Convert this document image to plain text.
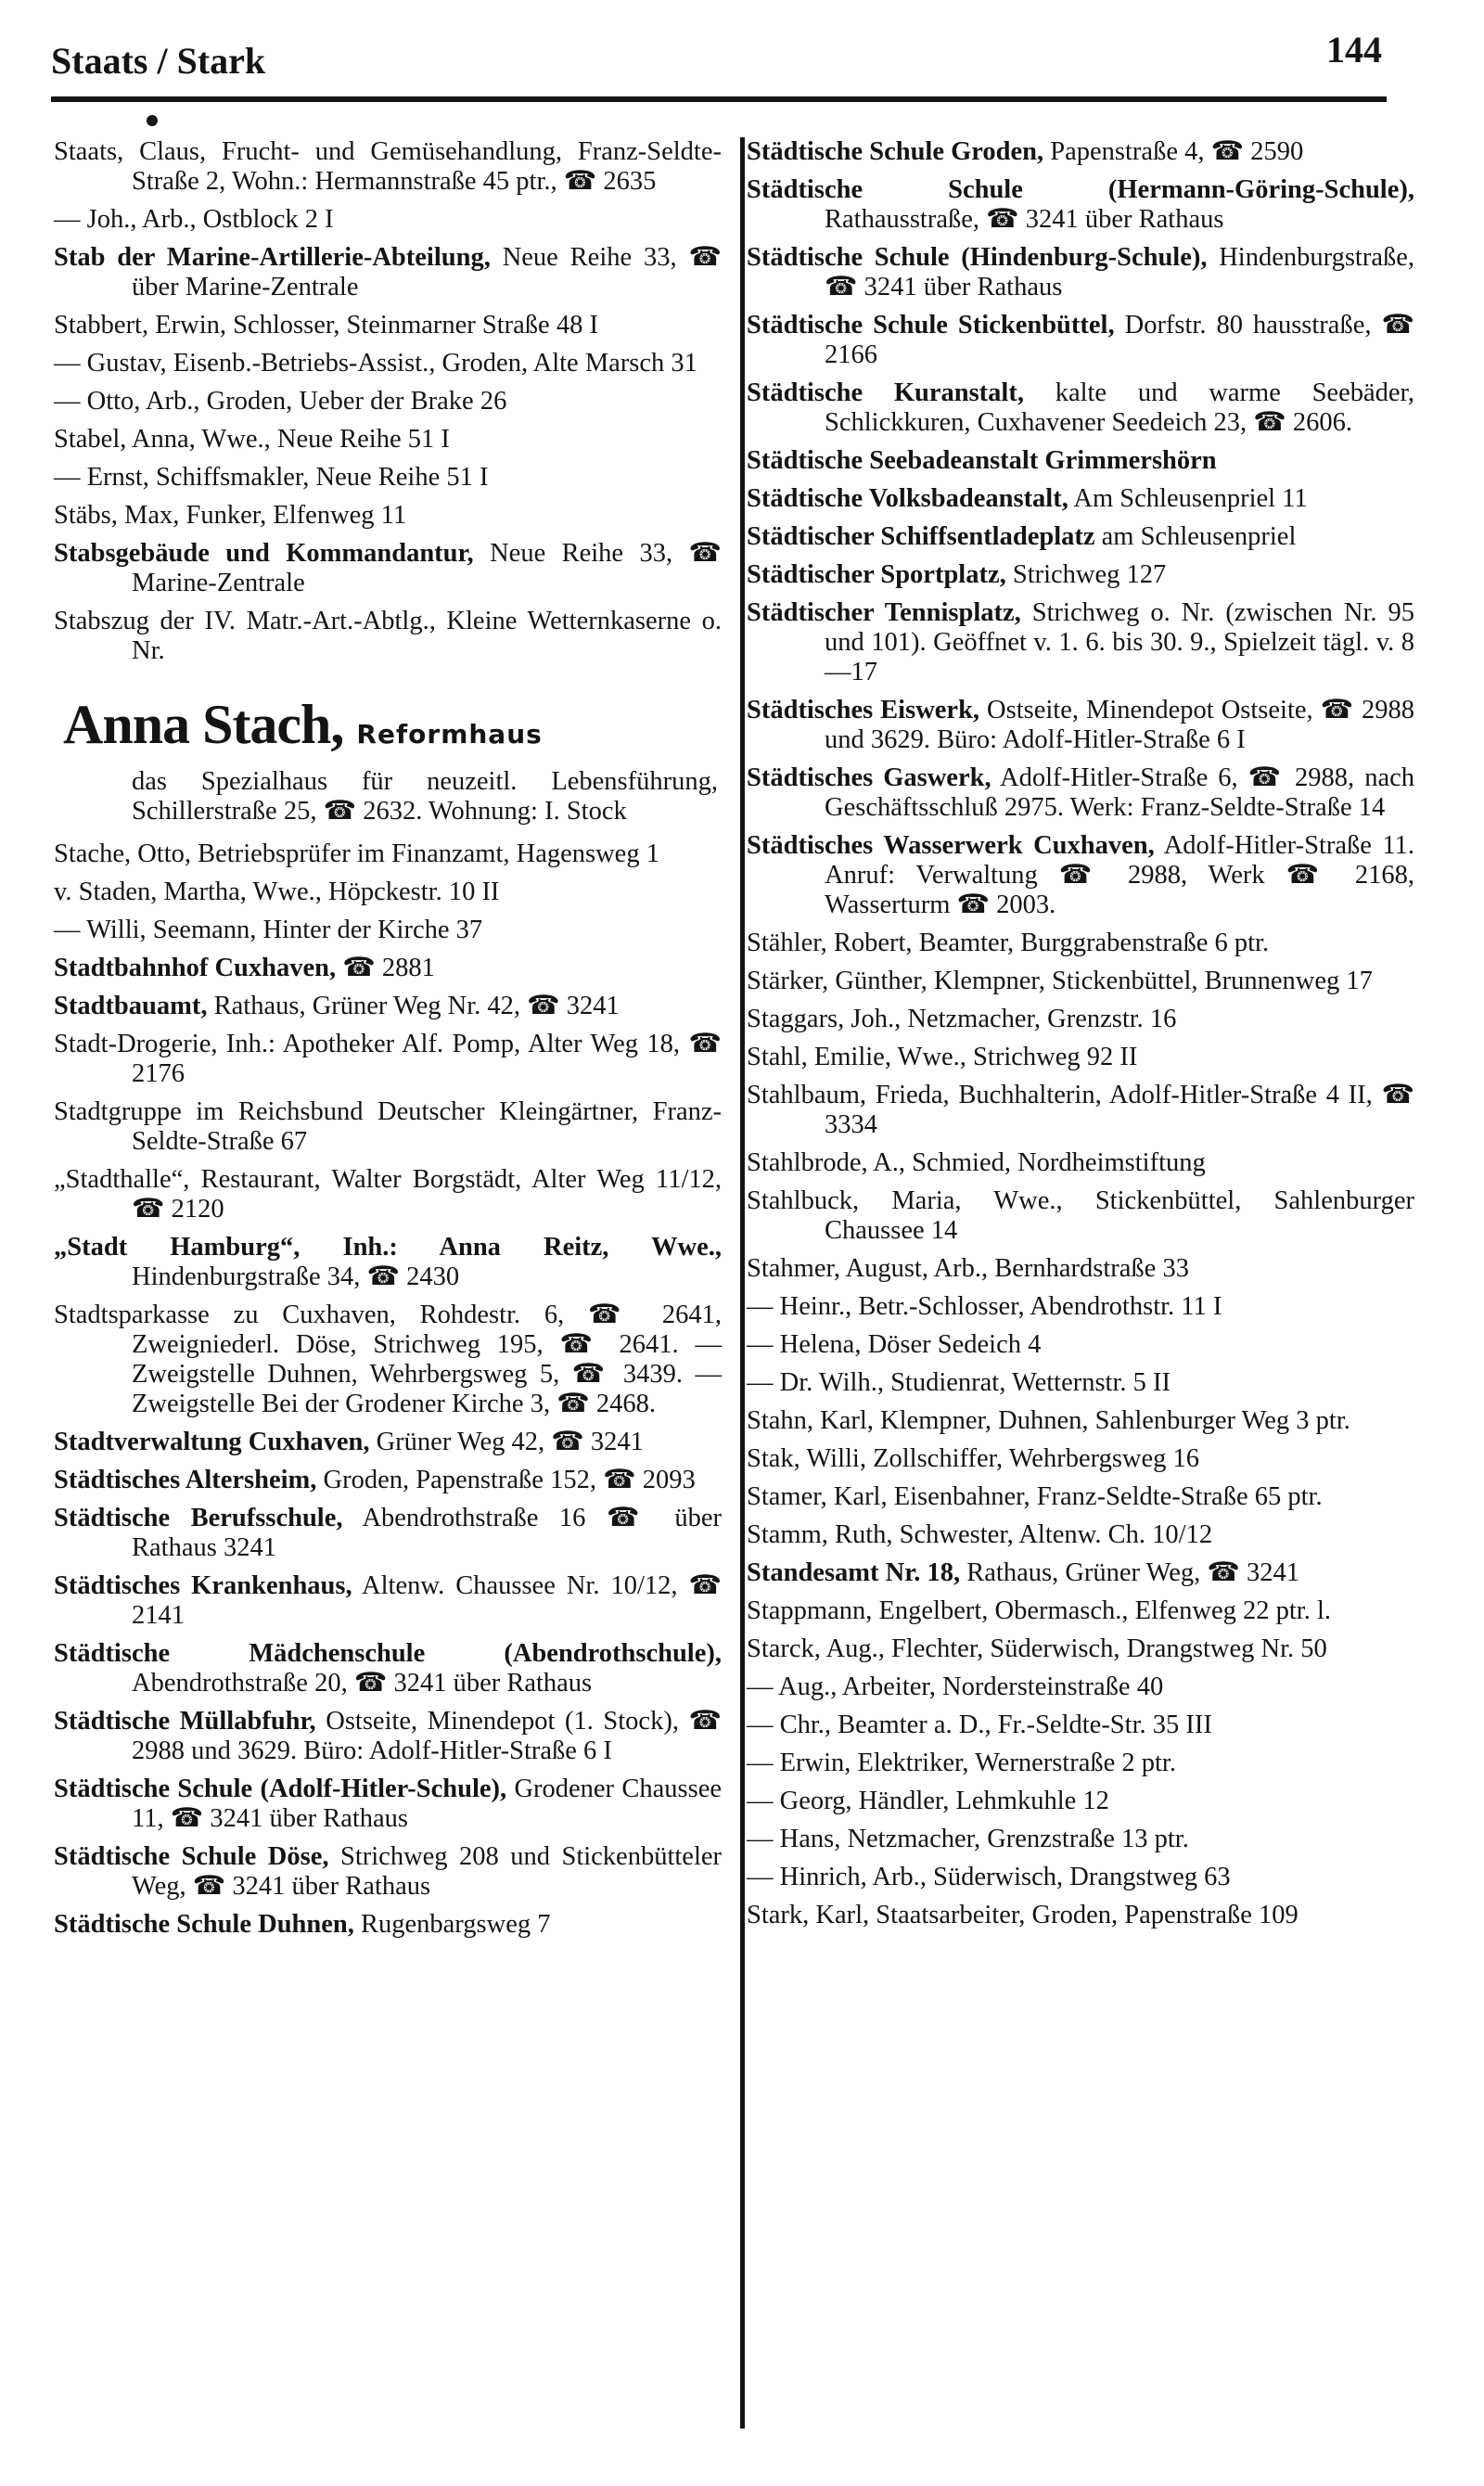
Staats / Stark	144

Staats, Claus, Frucht- und Gemüsehandlung, Franz-Seldte-Straße 2, Wohn.: Hermannstraße 45 ptr., ☎ 2635

— Joh., Arb., Ostblock 2 I

Stab der Marine-Artillerie-Abteilung, Neue Reihe 33, ☎ über Marine-Zentrale

Stabbert, Erwin, Schlosser, Steinmarner Straße 48 I

— Gustav, Eisenb.-Betriebs-Assist., Groden, Alte Marsch 31

— Otto, Arb., Groden, Ueber der Brake 26

Stabel, Anna, Wwe., Neue Reihe 51 I

— Ernst, Schiffsmakler, Neue Reihe 51 I

Stäbs, Max, Funker, Elfenweg 11

Stabsgebäude und Kommandantur, Neue Reihe 33, ☎ Marine-Zentrale

Stabszug der IV. Matr.-Art.-Abtlg., Kleine Wetternkaserne o. Nr.

Anna Stach, Reformhaus
das Spezialhaus für neuzeitl. Lebensführung, Schillerstraße 25, ☎ 2632. Wohnung: I. Stock

Stache, Otto, Betriebsprüfer im Finanzamt, Hagensweg 1

v. Staden, Martha, Wwe., Höpckestr. 10 II

— Willi, Seemann, Hinter der Kirche 37

Stadtbahnhof Cuxhaven, ☎ 2881

Stadtbauamt, Rathaus, Grüner Weg Nr. 42, ☎ 3241

Stadt-Drogerie, Inh.: Apotheker Alf. Pomp, Alter Weg 18, ☎ 2176

Stadtgruppe im Reichsbund Deutscher Kleingärtner, Franz-Seldte-Straße 67

„Stadthalle“, Restaurant, Walter Borgstädt, Alter Weg 11/12, ☎ 2120

„Stadt Hamburg“, Inh.: Anna Reitz, Wwe., Hindenburgstraße 34, ☎ 2430

Stadtsparkasse zu Cuxhaven, Rohdestr. 6, ☎ 2641, Zweigniederl. Döse, Strichweg 195, ☎ 2641. — Zweigstelle Duhnen, Wehrbergsweg 5, ☎ 3439. — Zweigstelle Bei der Grodener Kirche 3, ☎ 2468.

Stadtverwaltung Cuxhaven, Grüner Weg 42, ☎ 3241

Städtisches Altersheim, Groden, Papenstraße 152, ☎ 2093

Städtische Berufsschule, Abendrothstraße 16 ☎ über Rathaus 3241

Städtisches Krankenhaus, Altenw. Chaussee Nr. 10/12, ☎ 2141

Städtische Mädchenschule (Abendrothschule), Abendrothstraße 20, ☎ 3241 über Rathaus

Städtische Müllabfuhr, Ostseite, Minendepot (1. Stock), ☎ 2988 und 3629. Büro: Adolf-Hitler-Straße 6 I

Städtische Schule (Adolf-Hitler-Schule), Grodener Chaussee 11, ☎ 3241 über Rathaus

Städtische Schule Döse, Strichweg 208 und Stickenbütteler Weg, ☎ 3241 über Rathaus

Städtische Schule Duhnen, Rugenbargsweg 7

Städtische Schule Groden, Papenstraße 4, ☎ 2590

Städtische Schule (Hermann-Göring-Schule), Rathausstraße, ☎ 3241 über Rathaus

Städtische Schule (Hindenburg-Schule), Hindenburgstraße, ☎ 3241 über Rathaus

Städtische Schule Stickenbüttel, Dorfstr. 80 hausstraße, ☎ 2166

Städtische Kuranstalt, kalte und warme Seebäder, Schlickkuren, Cuxhavener Seedeich 23, ☎ 2606.

Städtische Seebadeanstalt Grimmershörn

Städtische Volksbadeanstalt, Am Schleusenpriel 11

Städtischer Schiffsentladeplatz am Schleusenpriel

Städtischer Sportplatz, Strichweg 127

Städtischer Tennisplatz, Strichweg o. Nr. (zwischen Nr. 95 und 101). Geöffnet v. 1. 6. bis 30. 9., Spielzeit tägl. v. 8—17

Städtisches Eiswerk, Ostseite, Minendepot Ostseite, ☎ 2988 und 3629. Büro: Adolf-Hitler-Straße 6 I

Städtisches Gaswerk, Adolf-Hitler-Straße 6, ☎ 2988, nach Geschäftsschluß 2975. Werk: Franz-Seldte-Straße 14

Städtisches Wasserwerk Cuxhaven, Adolf-Hitler-Straße 11. Anruf: Verwaltung ☎ 2988, Werk ☎ 2168, Wasserturm ☎ 2003.

Stähler, Robert, Beamter, Burggrabenstraße 6 ptr.

Stärker, Günther, Klempner, Stickenbüttel, Brunnenweg 17

Staggars, Joh., Netzmacher, Grenzstr. 16

Stahl, Emilie, Wwe., Strichweg 92 II

Stahlbaum, Frieda, Buchhalterin, Adolf-Hitler-Straße 4 II, ☎ 3334

Stahlbrode, A., Schmied, Nordheimstiftung

Stahlbuck, Maria, Wwe., Stickenbüttel, Sahlenburger Chaussee 14

Stahmer, August, Arb., Bernhardstraße 33

— Heinr., Betr.-Schlosser, Abendrothstr. 11 I

— Helena, Döser Sedeich 4

— Dr. Wilh., Studienrat, Wetternstr. 5 II

Stahn, Karl, Klempner, Duhnen, Sahlenburger Weg 3 ptr.

Stak, Willi, Zollschiffer, Wehrbergsweg 16

Stamer, Karl, Eisenbahner, Franz-Seldte-Straße 65 ptr.

Stamm, Ruth, Schwester, Altenw. Ch. 10/12

Standesamt Nr. 18, Rathaus, Grüner Weg, ☎ 3241

Stappmann, Engelbert, Obermasch., Elfenweg 22 ptr. l.

Starck, Aug., Flechter, Süderwisch, Drangstweg Nr. 50

— Aug., Arbeiter, Nordersteinstraße 40

— Chr., Beamter a. D., Fr.-Seldte-Str. 35 III

— Erwin, Elektriker, Wernerstraße 2 ptr.

— Georg, Händler, Lehmkuhle 12

— Hans, Netzmacher, Grenzstraße 13 ptr.

— Hinrich, Arb., Süderwisch, Drangstweg 63

Stark, Karl, Staatsarbeiter, Groden, Papenstraße 109
